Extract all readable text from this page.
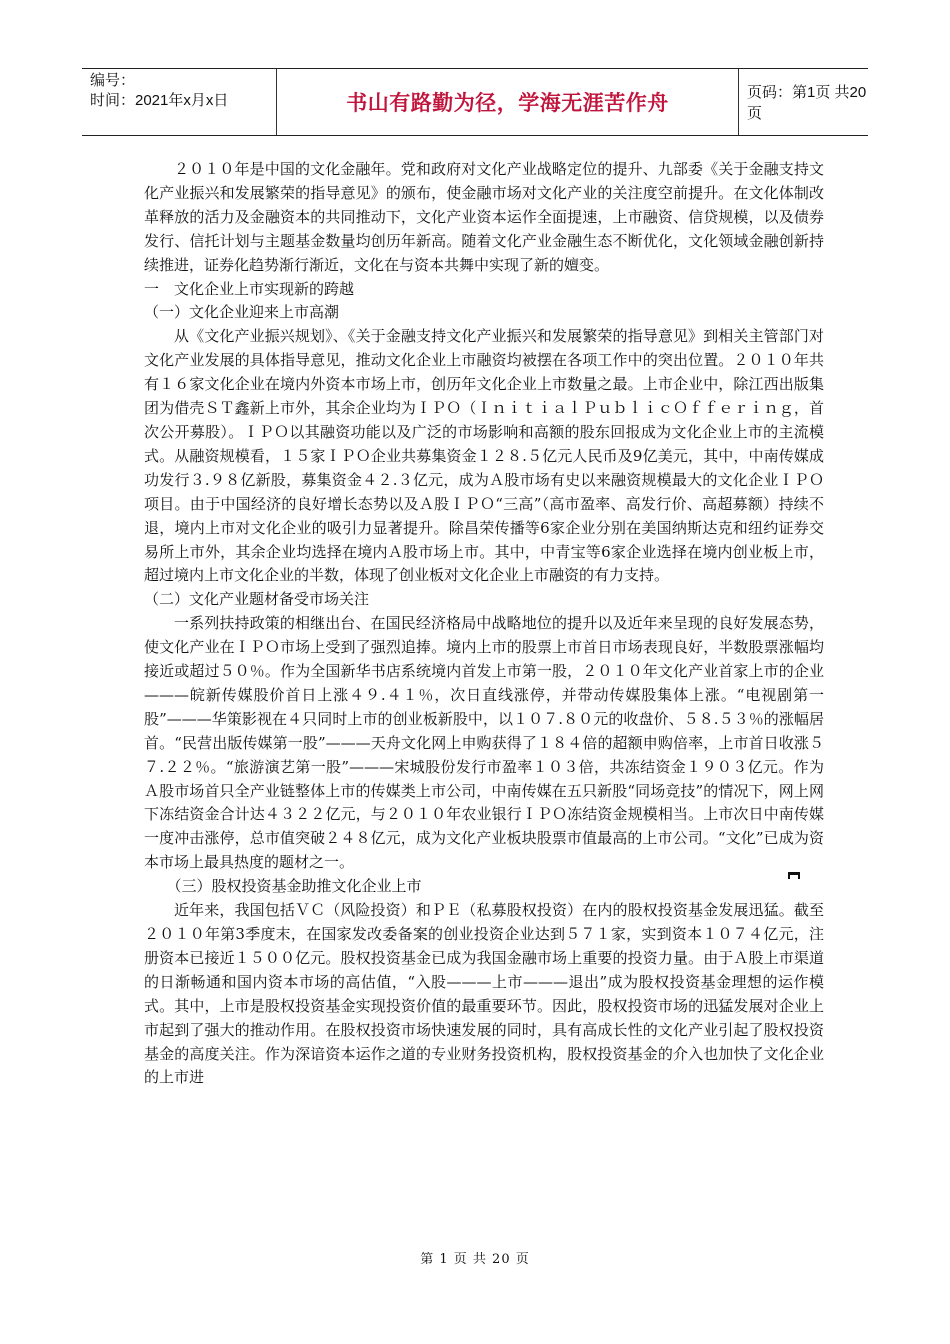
编号：
时间：2021年x月x日	书山有路勤为径，学海无涯苦作舟	页码：第1页 共20页

２０１０年是中国的文化金融年。党和政府对文化产业战略定位的提升、九部委《关于金融支持文化产业振兴和发展繁荣的指导意见》的颁布，使金融市场对文化产业的关注度空前提升。在文化体制改革释放的活力及金融资本的共同推动下，文化产业资本运作全面提速，上市融资、信贷规模，以及债券发行、信托计划与主题基金数量均创历年新高。随着文化产业金融生态不断优化，文化领域金融创新持续推进，证券化趋势渐行渐近，文化在与资本共舞中实现了新的嬗变。

一　文化企业上市实现新的跨越

（一）文化企业迎来上市高潮

从《文化产业振兴规划》、《关于金融支持文化产业振兴和发展繁荣的指导意见》到相关主管部门对文化产业发展的具体指导意见，推动文化企业上市融资均被摆在各项工作中的突出位置。２０１０年共有１６家文化企业在境内外资本市场上市，创历年文化企业上市数量之最。上市企业中，除江西出版集团为借壳ＳＴ鑫新上市外，其余企业均为ＩＰＯ（ＩｎｉｔｉａｌＰｕｂｌｉｃＯｆｆｅｒｉｎｇ，首次公开募股）。ＩＰＯ以其融资功能以及广泛的市场影响和高额的股东回报成为文化企业上市的主流模式。从融资规模看，１５家ＩＰＯ企业共募集资金１２８.５亿元人民币及9亿美元，其中，中南传媒成功发行３.９８亿新股，募集资金４２.３亿元，成为Ａ股市场有史以来融资规模最大的文化企业ＩＰＯ项目。由于中国经济的良好增长态势以及Ａ股ＩＰＯ“三高”（高市盈率、高发行价、高超募额）持续不退，境内上市对文化企业的吸引力显著提升。除昌荣传播等6家企业分别在美国纳斯达克和纽约证券交易所上市外，其余企业均选择在境内Ａ股市场上市。其中，中青宝等6家企业选择在境内创业板上市，超过境内上市文化企业的半数，体现了创业板对文化企业上市融资的有力支持。

（二）文化产业题材备受市场关注

一系列扶持政策的相继出台、在国民经济格局中战略地位的提升以及近年来呈现的良好发展态势，使文化产业在ＩＰＯ市场上受到了强烈追捧。境内上市的股票上市首日市场表现良好，半数股票涨幅均接近或超过５０％。作为全国新华书店系统境内首发上市第一股，２０１０年文化产业首家上市的企业———皖新传媒股价首日上涨４９.４１％，次日直线涨停，并带动传媒股集体上涨。“电视剧第一股”———华策影视在４只同时上市的创业板新股中，以１０７.８０元的收盘价、５８.５３％的涨幅居首。“民营出版传媒第一股”———天舟文化网上申购获得了１８４倍的超额申购倍率，上市首日收涨５７.２２％。“旅游演艺第一股”———宋城股份发行市盈率１０３倍，共冻结资金１９０３亿元。作为Ａ股市场首只全产业链整体上市的传媒类上市公司，中南传媒在五只新股“同场竞技”的情况下，网上网下冻结资金合计达４３２２亿元，与２０１０年农业银行ＩＰＯ冻结资金规模相当。上市次日中南传媒一度冲击涨停，总市值突破２４８亿元，成为文化产业板块股票市值最高的上市公司。“文化”已成为资本市场上最具热度的题材之一。

（三）股权投资基金助推文化企业上市

近年来，我国包括ＶＣ（风险投资）和ＰＥ（私募股权投资）在内的股权投资基金发展迅猛。截至２０１０年第3季度末，在国家发改委备案的创业投资企业达到５７１家，实到资本１０７４亿元，注册资本已接近１５００亿元。股权投资基金已成为我国金融市场上重要的投资力量。由于Ａ股上市渠道的日渐畅通和国内资本市场的高估值，“入股———上市———退出”成为股权投资基金理想的运作模式。其中，上市是股权投资基金实现投资价值的最重要环节。因此，股权投资市场的迅猛发展对企业上市起到了强大的推动作用。在股权投资市场快速发展的同时，具有高成长性的文化产业引起了股权投资基金的高度关注。作为深谙资本运作之道的专业财务投资机构，股权投资基金的介入也加快了文化企业的上市进

第 1 页 共 20 页
